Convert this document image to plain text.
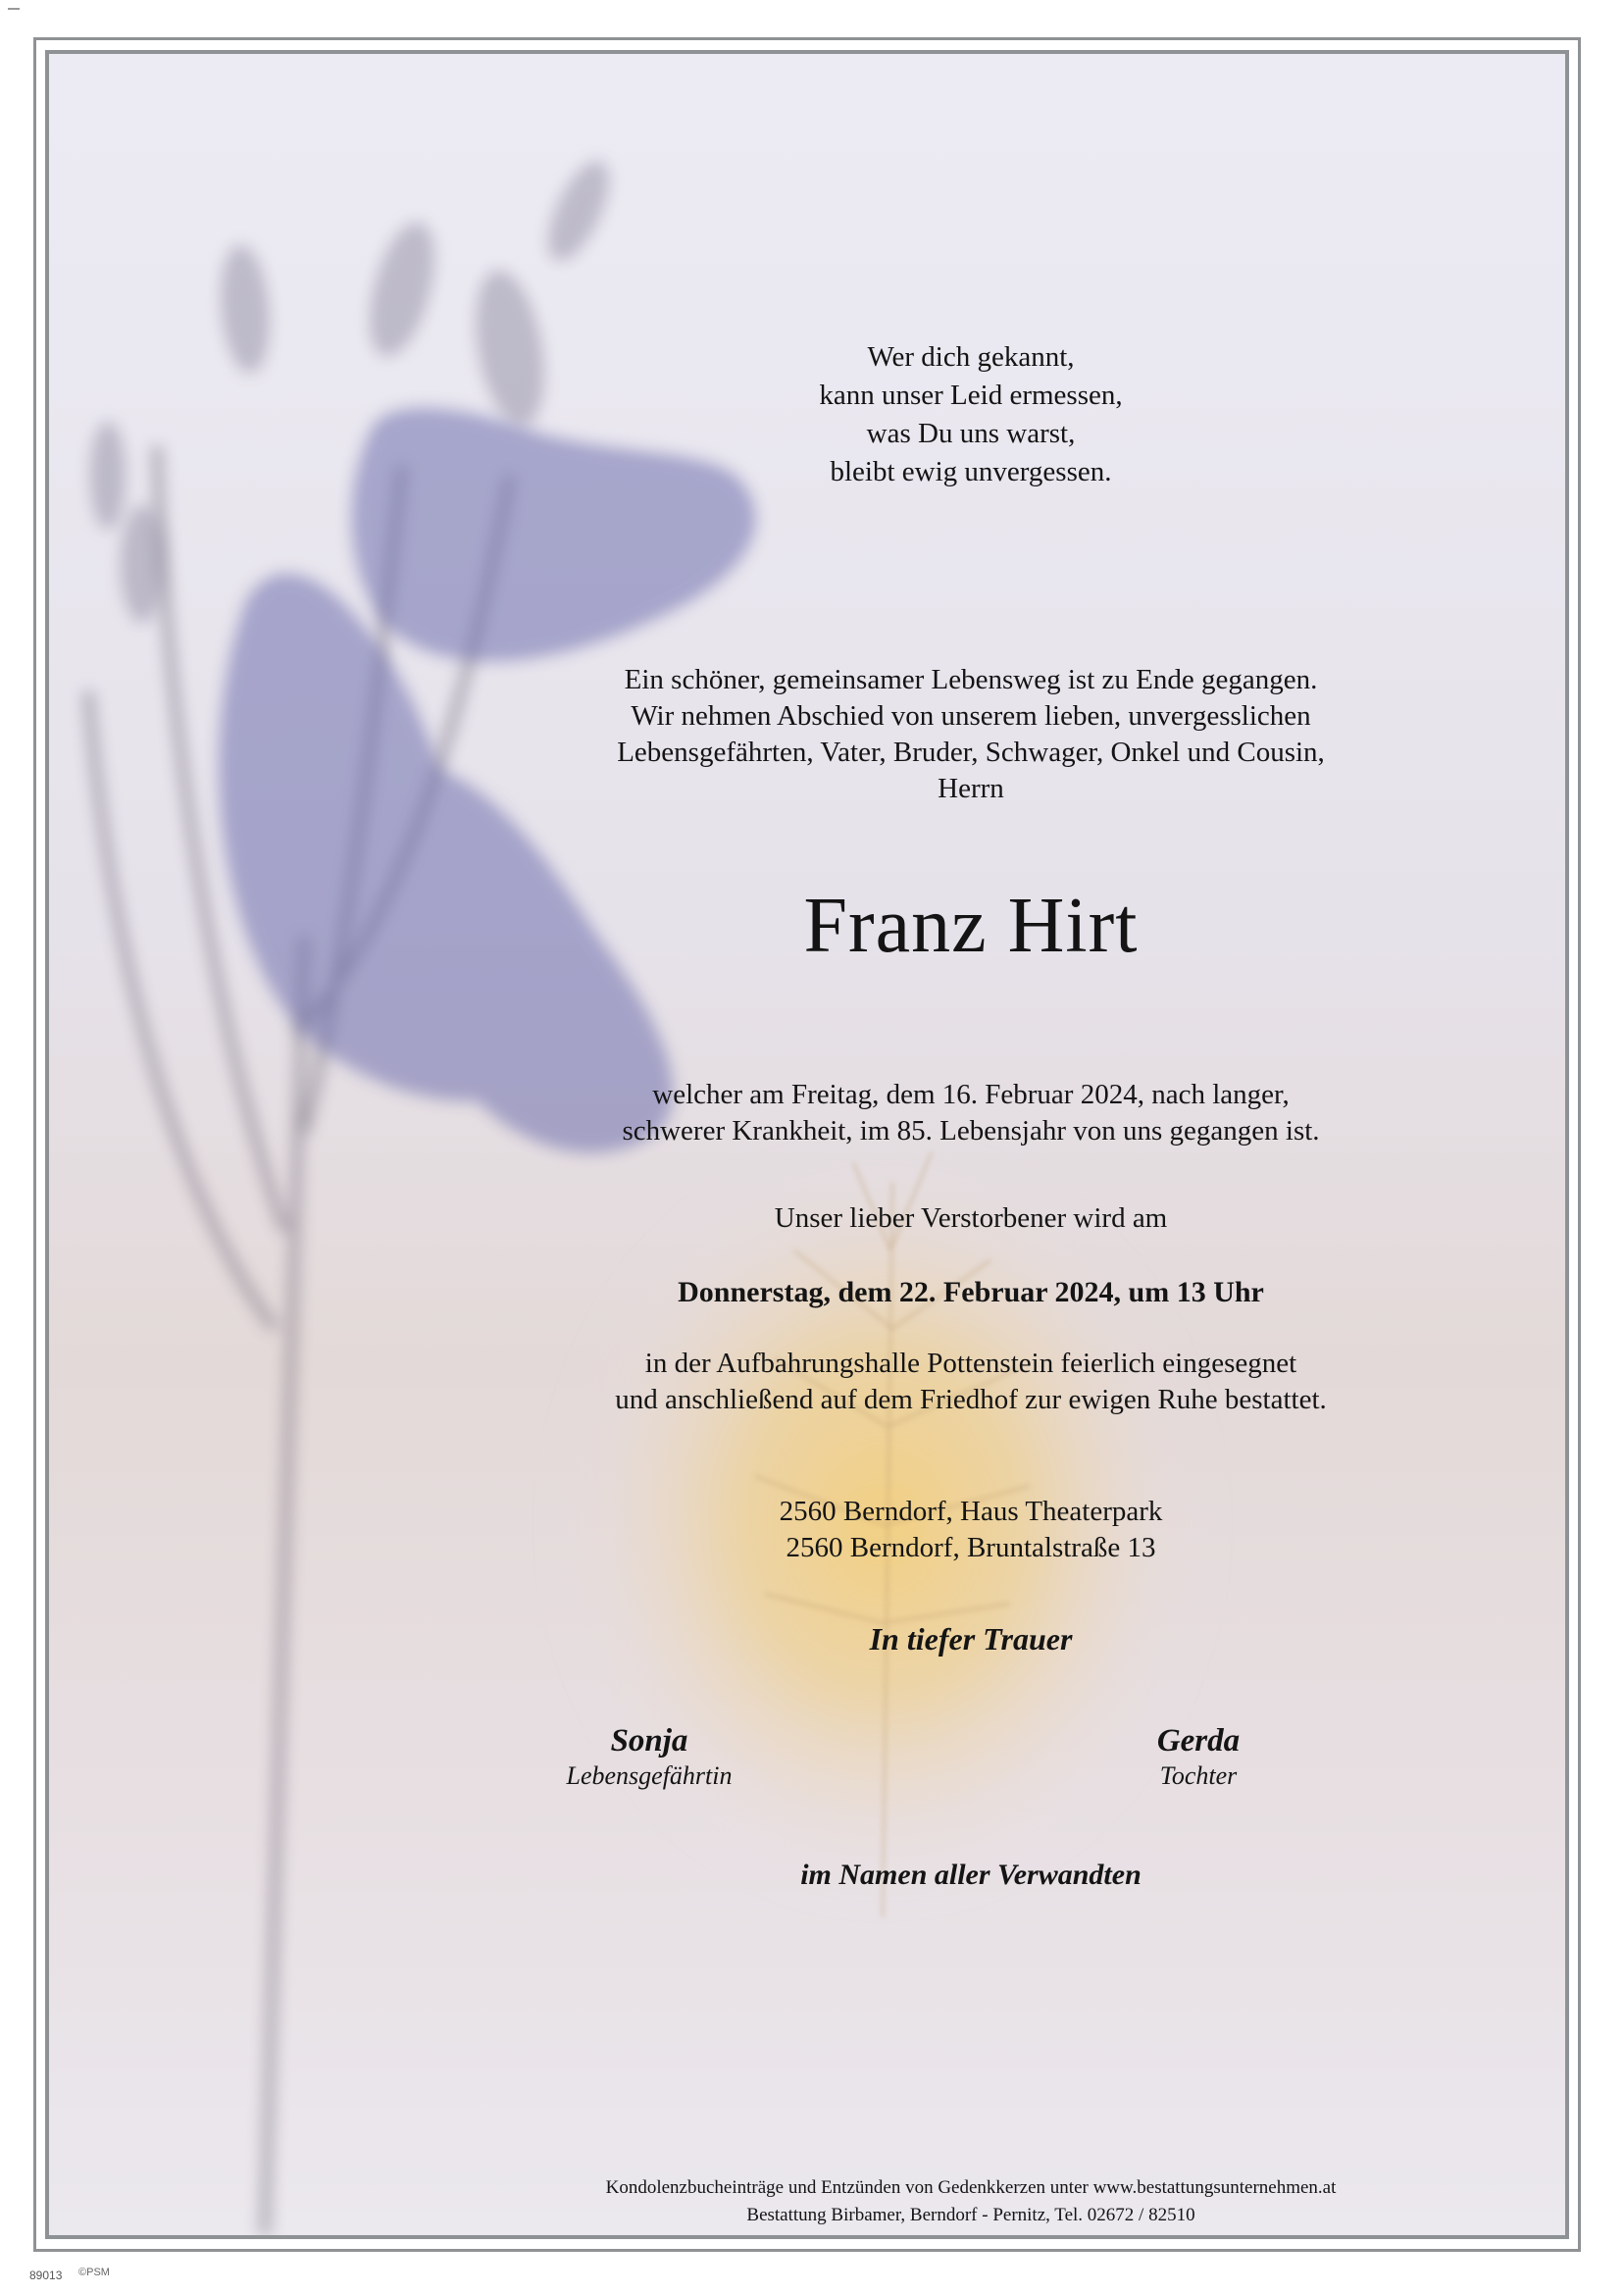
Wer dich gekannt,
kann unser Leid ermessen,
was Du uns warst,
bleibt ewig unvergessen.
Ein schöner, gemeinsamer Lebensweg ist zu Ende gegangen.
Wir nehmen Abschied von unserem lieben, unvergesslichen
Lebensgefährten, Vater, Bruder, Schwager, Onkel und Cousin,
Herrn
Franz Hirt
welcher am Freitag, dem 16. Februar 2024, nach langer,
schwerer Krankheit, im 85. Lebensjahr von uns gegangen ist.
Unser lieber Verstorbener wird am
Donnerstag, dem 22. Februar 2024, um 13 Uhr
in der Aufbahrungshalle Pottenstein feierlich eingesegnet
und anschließend auf dem Friedhof zur ewigen Ruhe bestattet.
2560 Berndorf, Haus Theaterpark
2560 Berndorf, Bruntalstraße 13
In tiefer Trauer
Sonja
Lebensgefährtin
Gerda
Tochter
im Namen aller Verwandten
Kondolenzbucheinträge und Entzünden von Gedenkkerzen unter www.bestattungsunternehmen.at
Bestattung Birbamer, Berndorf - Pernitz, Tel. 02672 / 82510
89013 ©PSM
